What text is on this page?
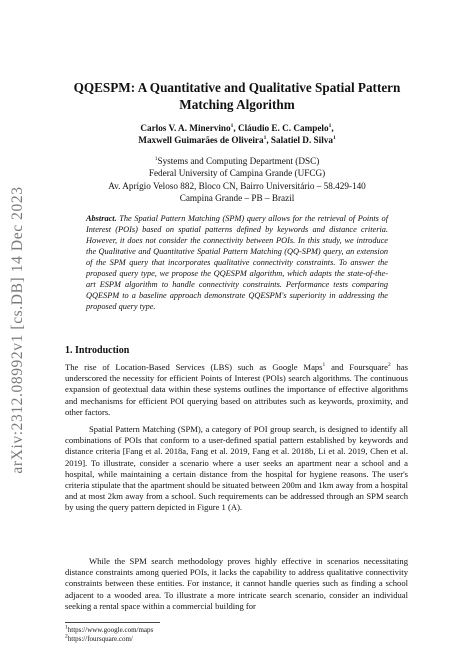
arXiv:2312.08992v1 [cs.DB] 14 Dec 2023
QQESPM: A Quantitative and Qualitative Spatial Pattern Matching Algorithm
Carlos V. A. Minervino$^1$, Cláudio E. C. Campelo$^1$,
Maxwell Guimarães de Oliveira$^1$, Salatiel D. Silva$^1$
$^1$Systems and Computing Department (DSC)
Federal University of Campina Grande (UFCG)
Av. Aprígio Veloso 882, Bloco CN, Bairro Universitário – 58.429-140
Campina Grande – PB – Brazil
Abstract. The Spatial Pattern Matching (SPM) query allows for the retrieval of Points of Interest (POIs) based on spatial patterns defined by keywords and distance criteria. However, it does not consider the connectivity between POIs. In this study, we introduce the Qualitative and Quantitative Spatial Pattern Matching (QQ-SPM) query, an extension of the SPM query that incorporates qualitative connectivity constraints. To answer the proposed query type, we propose the QQESPM algorithm, which adapts the state-of-the-art ESPM algorithm to handle connectivity constraints. Performance tests comparing QQESPM to a baseline approach demonstrate QQESPM's superiority in addressing the proposed query type.
1. Introduction

The rise of Location-Based Services (LBS) such as Google Maps$^1$ and Foursquare$^2$ has underscored the necessity for efficient Points of Interest (POIs) search algorithms. The continuous expansion of geotextual data within these systems outlines the importance of effective algorithms and mechanisms for efficient POI querying based on attributes such as keywords, proximity, and other factors.

Spatial Pattern Matching (SPM), a category of POI group search, is designed to identify all combinations of POIs that conform to a user-defined spatial pattern established by keywords and distance criteria [Fang et al. 2018a, Fang et al. 2019, Fang et al. 2018b, Li et al. 2019, Chen et al. 2019]. To illustrate, consider a scenario where a user seeks an apartment near a school and a hospital, while maintaining a certain distance from the hospital for hygiene reasons. The user's criteria stipulate that the apartment should be situated between 200m and 1km away from a hospital and at most 2km away from a school. Such requirements can be addressed through an SPM search by using the query pattern depicted in Figure 1 (A).

While the SPM search methodology proves highly effective in scenarios necessitating distance constraints among queried POIs, it lacks the capability to address qualitative connectivity constraints between these entities. For instance, it cannot handle queries such as finding a school adjacent to a wooded area. To illustrate a more intricate search scenario, consider an individual seeking a rental space within a commercial building for

$^1$https://www.google.com/maps
$^2$https://foursquare.com/
